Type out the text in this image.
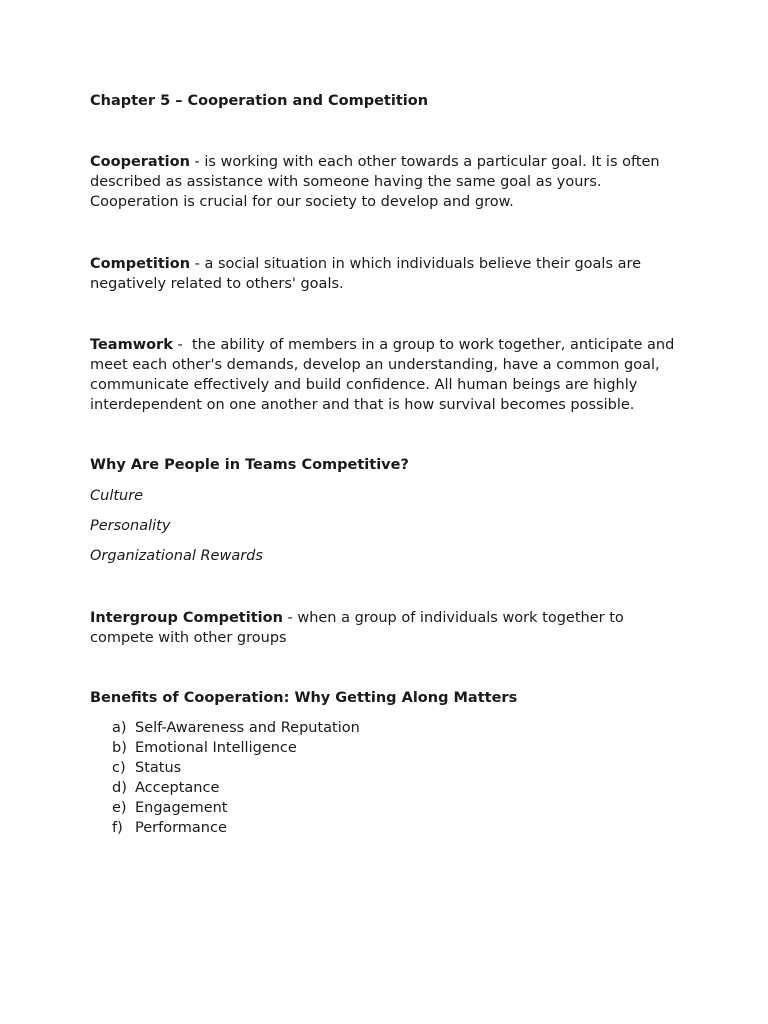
Chapter 5 – Cooperation and Competition

Cooperation - is working with each other towards a particular goal. It is often described as assistance with someone having the same goal as yours. Cooperation is crucial for our society to develop and grow.

Competition - a social situation in which individuals believe their goals are negatively related to others' goals.

Teamwork -  the ability of members in a group to work together, anticipate and meet each other's demands, develop an understanding, have a common goal, communicate effectively and build confidence. All human beings are highly interdependent on one another and that is how survival becomes possible.

Why Are People in Teams Competitive?

Culture

Personality

Organizational Rewards

Intergroup Competition - when a group of individuals work together to compete with other groups

Benefits of Cooperation: Why Getting Along Matters
a) Self-Awareness and Reputation
b) Emotional Intelligence
c) Status
d) Acceptance
e) Engagement
f) Performance
